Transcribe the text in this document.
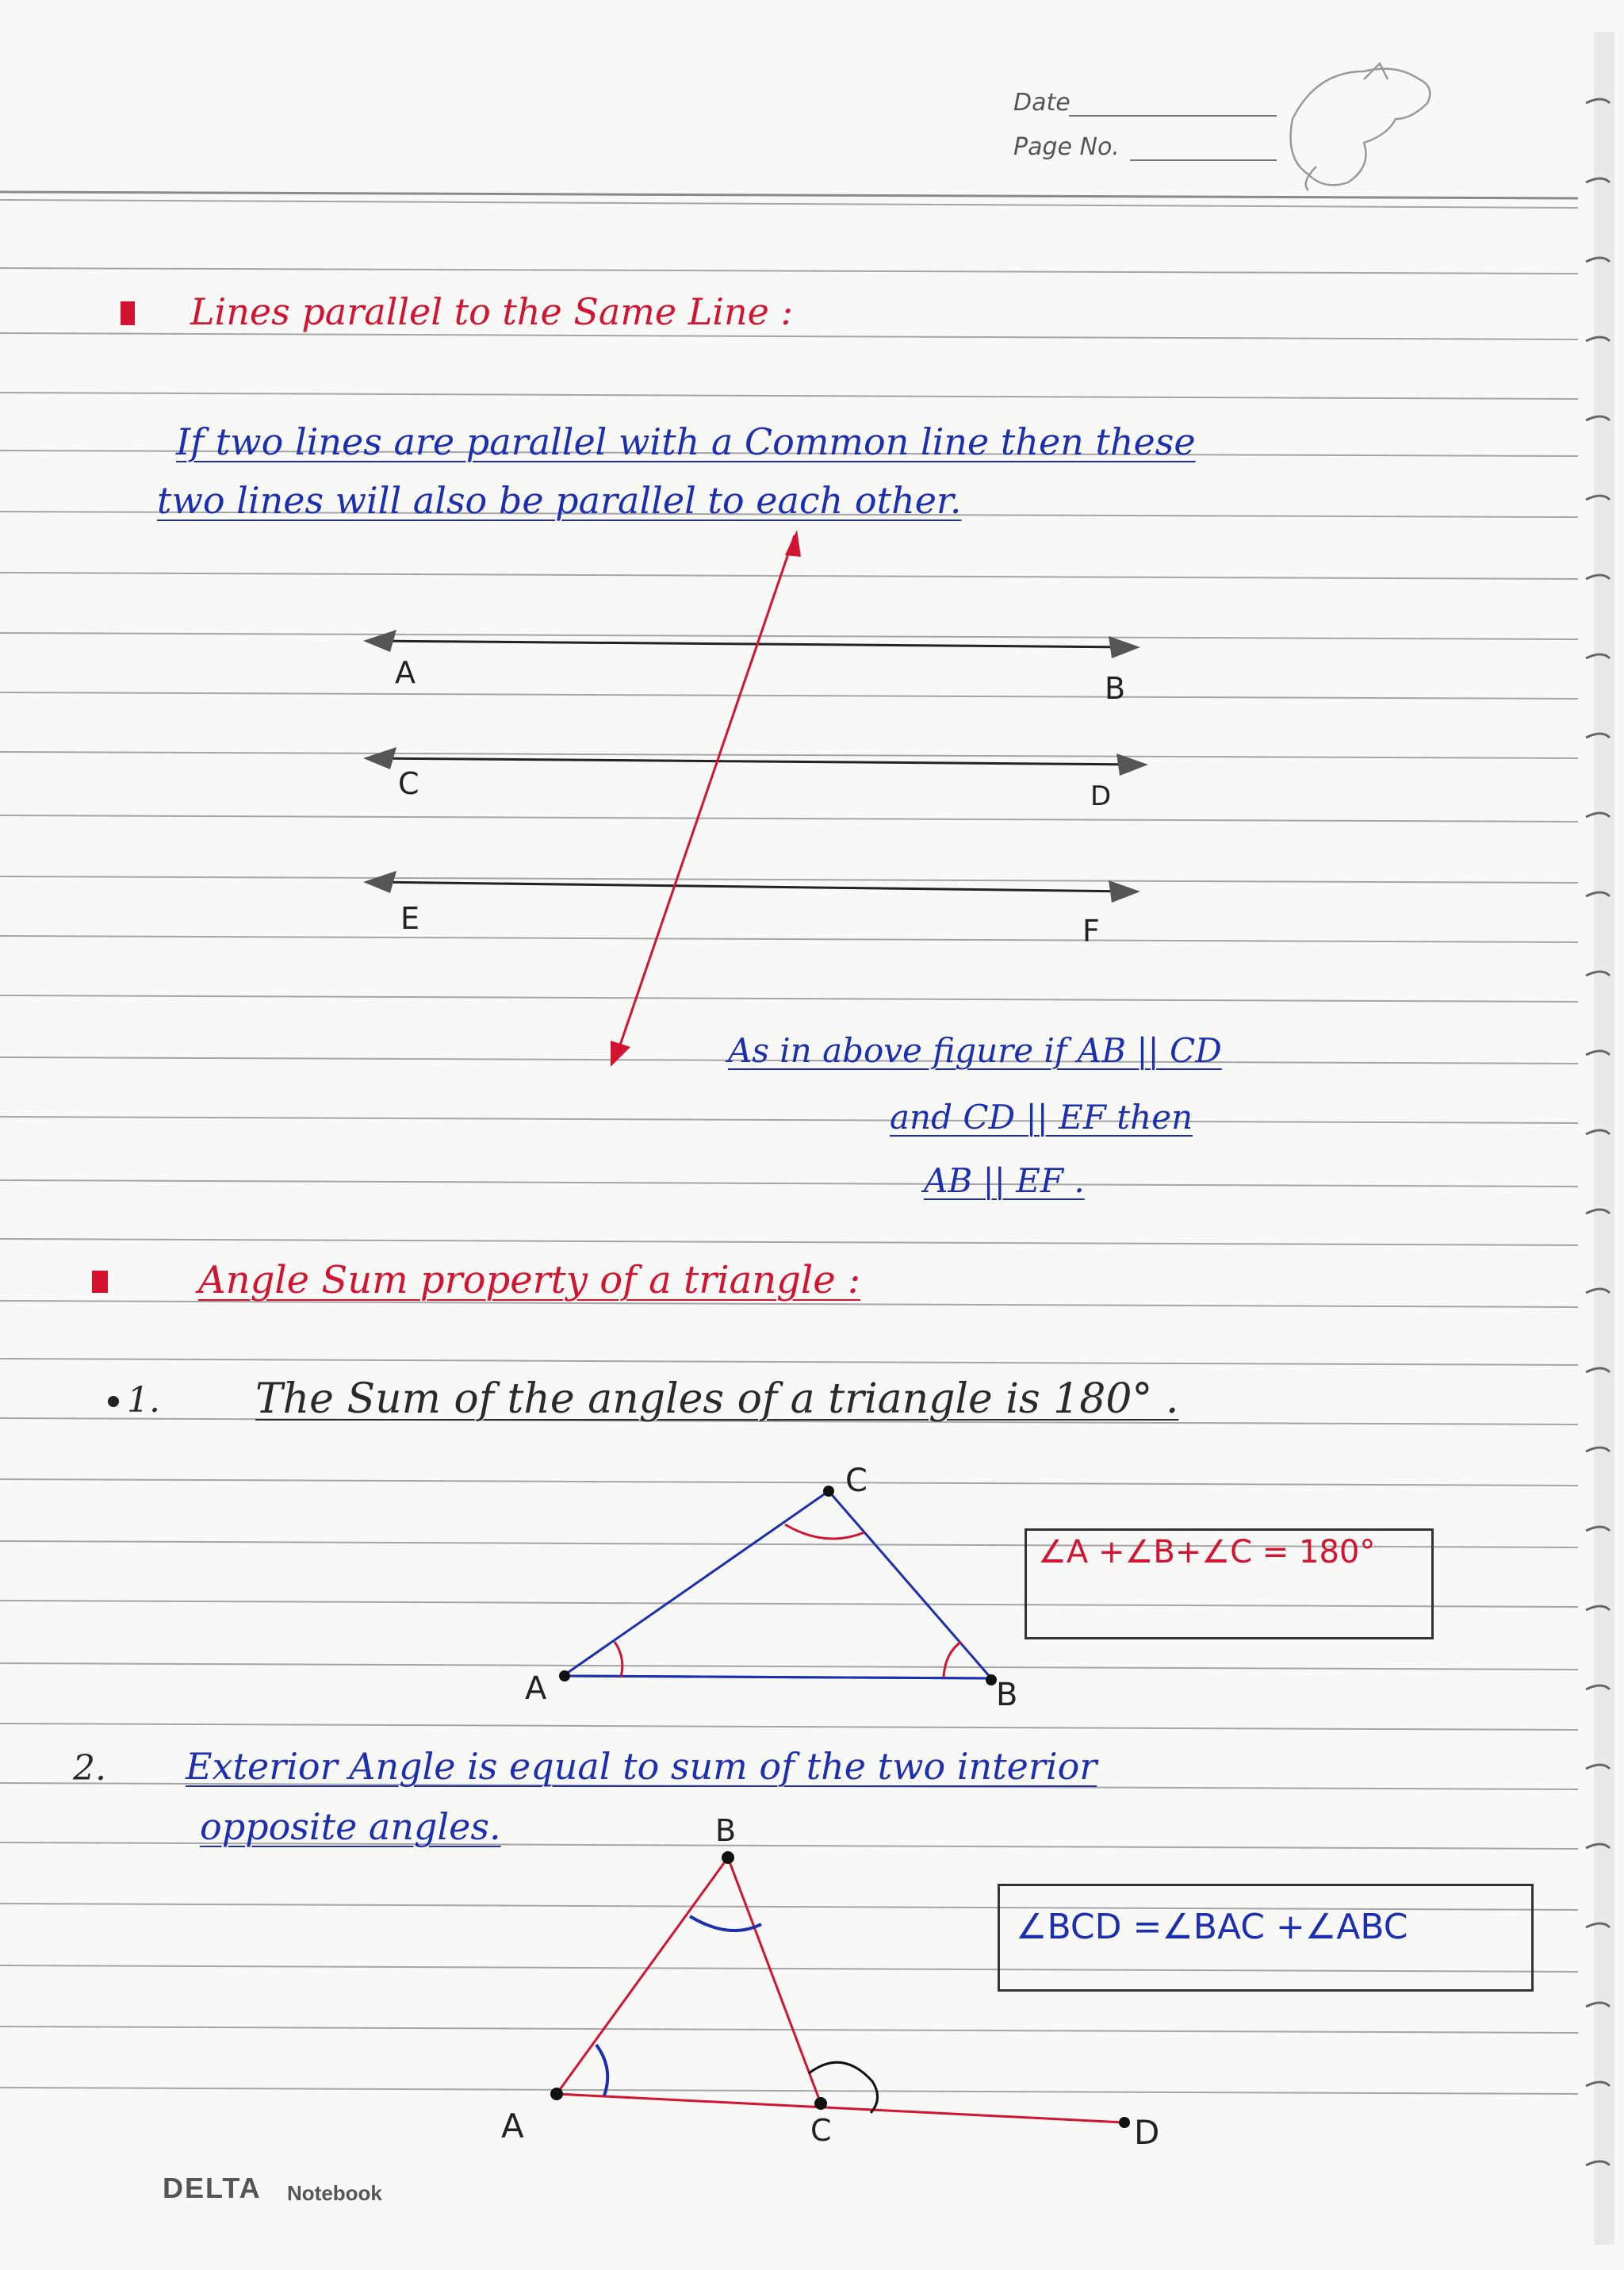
Date
Page No.
Lines parallel to the Same Line :
If two lines are parallel with a Common line then these
two lines will also be parallel to each other.
A	B
C	D
E	F
As in above figure if AB || CD
and CD || EF then
AB || EF .
Angle Sum property of a triangle :
1. The Sum of the angles of a triangle is 180° .
A	B
C
∠A +∠B+∠C = 180°
2. Exterior Angle is equal to sum of the two interior
opposite angles.
A
B
C	D
∠BCD =∠BAC +∠ABC
DELTA Notebook
